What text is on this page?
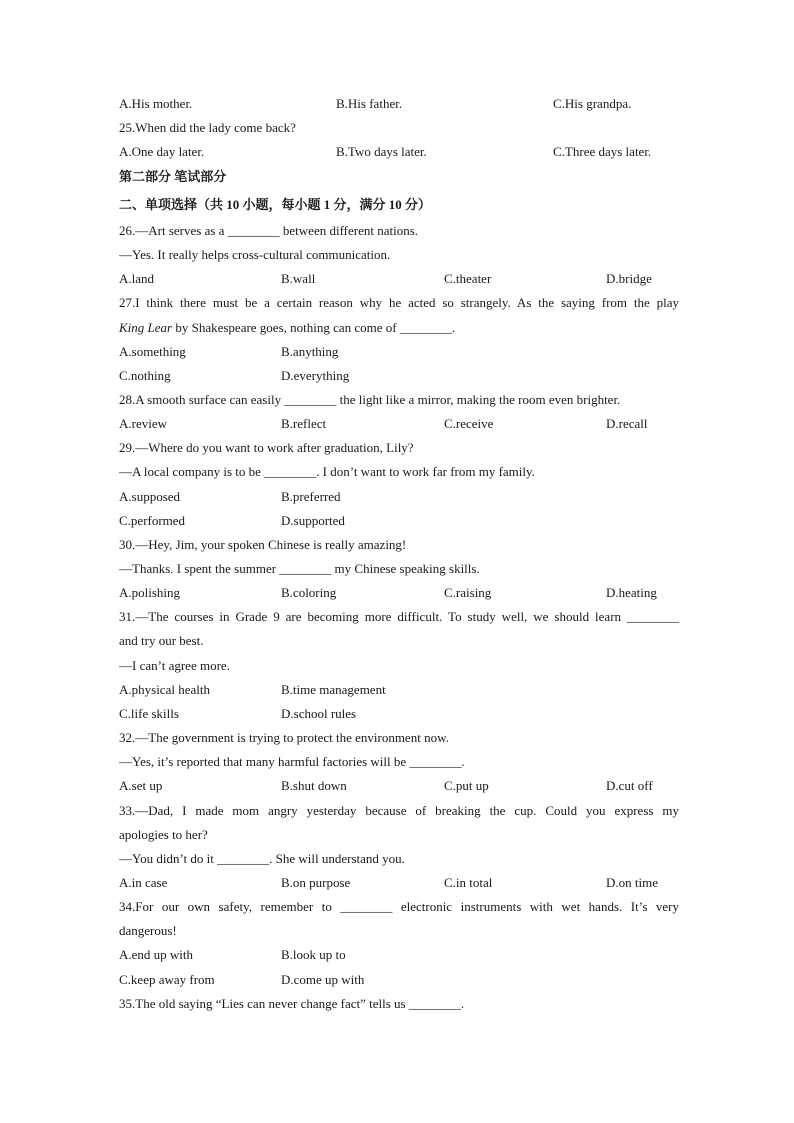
A.His mother.	B.His father.	C.His grandpa.
25.When did the lady come back?
A.One day later.	B.Two days later.	C.Three days later.
第二部分 笔试部分
二、单项选择（共 10 小题，每小题 1 分，满分 10 分）
26.—Art serves as a ________ between different nations.
—Yes. It really helps cross-cultural communication.
A.land	B.wall	C.theater	D.bridge
27.I think there must be a certain reason why he acted so strangely. As the saying from the play
King Lear by Shakespeare goes, nothing can come of ________.
A.something	B.anything
C.nothing	D.everything
28.A smooth surface can easily ________ the light like a mirror, making the room even brighter.
A.review	B.reflect	C.receive	D.recall
29.—Where do you want to work after graduation, Lily?
—A local company is to be ________. I don’t want to work far from my family.
A.supposed	B.preferred
C.performed	D.supported
30.—Hey, Jim, your spoken Chinese is really amazing!
—Thanks. I spent the summer ________ my Chinese speaking skills.
A.polishing	B.coloring	C.raising	D.heating
31.—The courses in Grade 9 are becoming more difficult. To study well, we should learn ________
and try our best.
—I can’t agree more.
A.physical health	B.time management
C.life skills	D.school rules
32.—The government is trying to protect the environment now.
—Yes, it’s reported that many harmful factories will be ________.
A.set up	B.shut down	C.put up	D.cut off
33.—Dad, I made mom angry yesterday because of breaking the cup. Could you express my
apologies to her?
—You didn’t do it ________. She will understand you.
A.in case	B.on purpose	C.in total	D.on time
34.For our own safety, remember to ________ electronic instruments with wet hands. It’s very
dangerous!
A.end up with	B.look up to
C.keep away from	D.come up with
35.The old saying “Lies can never change fact” tells us ________.
